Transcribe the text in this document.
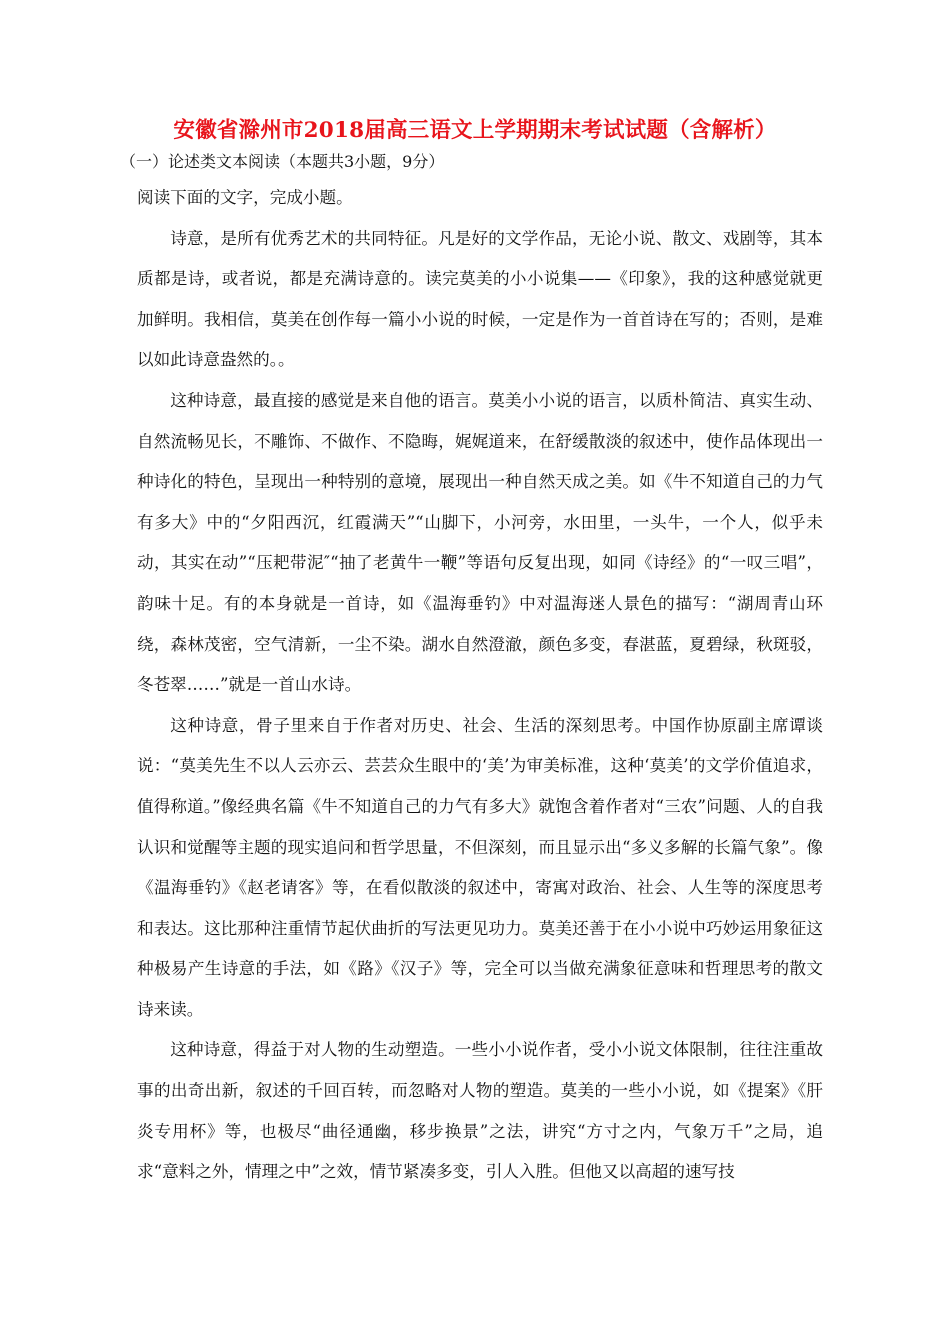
安徽省滁州市2018届高三语文上学期期末考试试题（含解析）
（一）论述类文本阅读（本题共3小题，9分）

阅读下面的文字，完成小题。

诗意，是所有优秀艺术的共同特征。凡是好的文学作品，无论小说、散文、戏剧等，其本质都是诗，或者说，都是充满诗意的。读完莫美的小小说集——《印象》，我的这种感觉就更加鲜明。我相信，莫美在创作每一篇小小说的时候，一定是作为一首首诗在写的；否则，是难以如此诗意盎然的。。

这种诗意，最直接的感觉是来自他的语言。莫美小小说的语言，以质朴简洁、真实生动、自然流畅见长，不雕饰、不做作、不隐晦，娓娓道来，在舒缓散淡的叙述中，使作品体现出一种诗化的特色，呈现出一种特别的意境，展现出一种自然天成之美。如《牛不知道自己的力气有多大》中的“夕阳西沉，红霞满天”“山脚下，小河旁，水田里，一头牛，一个人，似乎未动，其实在动”“压耙带泥″“抽了老黄牛一鞭”等语句反复出现，如同《诗经》的“一叹三唱”，韵味十足。有的本身就是一首诗，如《温海垂钓》中对温海迷人景色的描写：“湖周青山环绕，森林茂密，空气清新，一尘不染。湖水自然澄澈，颜色多变，春湛蓝，夏碧绿，秋斑驳，冬苍翠……”就是一首山水诗。

这种诗意，骨子里来自于作者对历史、社会、生活的深刻思考。中国作协原副主席谭谈说：“莫美先生不以人云亦云、芸芸众生眼中的‘美’为审美标准，这种‘莫美’的文学价值追求，值得称道。”像经典名篇《牛不知道自己的力气有多大》就饱含着作者对“三农”问题、人的自我认识和觉醒等主题的现实追问和哲学思量，不但深刻，而且显示出“多义多解的长篇气象”。像《温海垂钓》《赵老请客》等，在看似散淡的叙述中，寄寓对政治、社会、人生等的深度思考和表达。这比那种注重情节起伏曲折的写法更见功力。莫美还善于在小小说中巧妙运用象征这种极易产生诗意的手法，如《路》《汉子》等，完全可以当做充满象征意味和哲理思考的散文诗来读。

这种诗意，得益于对人物的生动塑造。一些小小说作者，受小小说文体限制，往往注重故事的出奇出新，叙述的千回百转，而忽略对人物的塑造。莫美的一些小小说，如《提案》《肝炎专用杯》等，也极尽“曲径通幽，移步换景”之法，讲究“方寸之内，气象万千”之局，追求“意料之外，情理之中”之效，情节紧凑多变，引人入胜。但他又以高超的速写技
